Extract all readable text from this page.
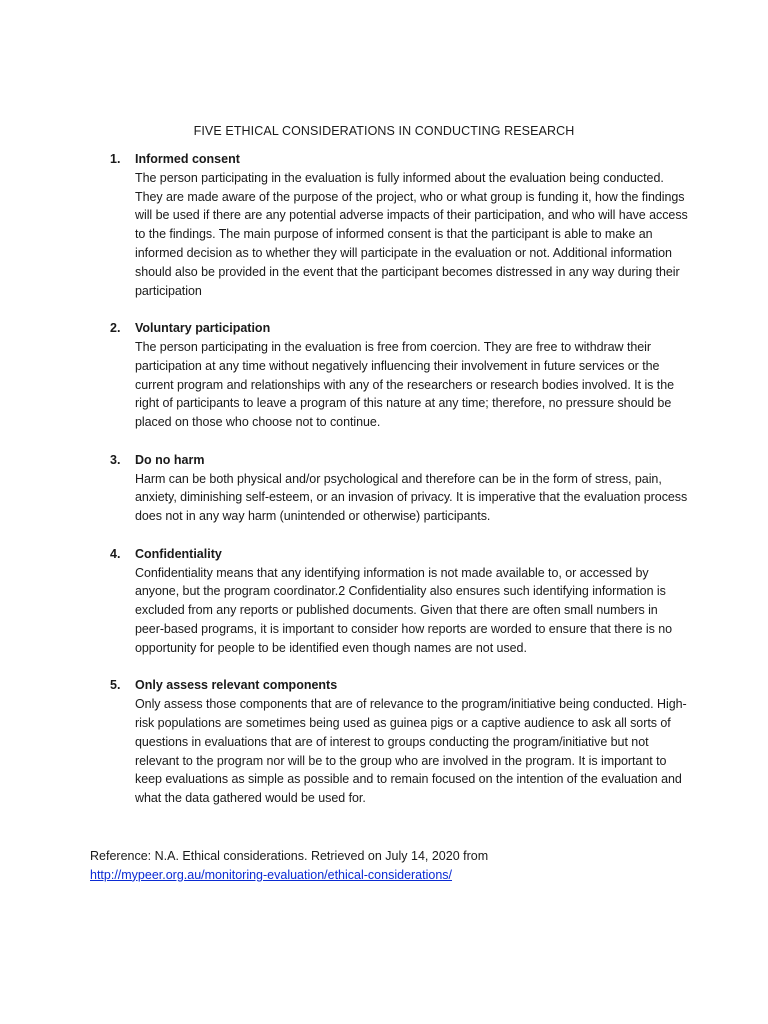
FIVE ETHICAL CONSIDERATIONS IN CONDUCTING RESEARCH
1. Informed consent
The person participating in the evaluation is fully informed about the evaluation being conducted. They are made aware of the purpose of the project, who or what group is funding it, how the findings will be used if there are any potential adverse impacts of their participation, and who will have access to the findings. The main purpose of informed consent is that the participant is able to make an informed decision as to whether they will participate in the evaluation or not. Additional information should also be provided in the event that the participant becomes distressed in any way during their participation
2. Voluntary participation
The person participating in the evaluation is free from coercion. They are free to withdraw their participation at any time without negatively influencing their involvement in future services or the current program and relationships with any of the researchers or research bodies involved. It is the right of participants to leave a program of this nature at any time; therefore, no pressure should be placed on those who choose not to continue.
3. Do no harm
Harm can be both physical and/or psychological and therefore can be in the form of stress, pain, anxiety, diminishing self-esteem, or an invasion of privacy. It is imperative that the evaluation process does not in any way harm (unintended or otherwise) participants.
4. Confidentiality
Confidentiality means that any identifying information is not made available to, or accessed by anyone, but the program coordinator.2 Confidentiality also ensures such identifying information is excluded from any reports or published documents. Given that there are often small numbers in peer-based programs, it is important to consider how reports are worded to ensure that there is no opportunity for people to be identified even though names are not used.
5. Only assess relevant components
Only assess those components that are of relevance to the program/initiative being conducted. High-risk populations are sometimes being used as guinea pigs or a captive audience to ask all sorts of questions in evaluations that are of interest to groups conducting the program/initiative but not relevant to the program nor will be to the group who are involved in the program. It is important to keep evaluations as simple as possible and to remain focused on the intention of the evaluation and what the data gathered would be used for.
Reference: N.A. Ethical considerations. Retrieved on July 14, 2020 from
http://mypeer.org.au/monitoring-evaluation/ethical-considerations/
